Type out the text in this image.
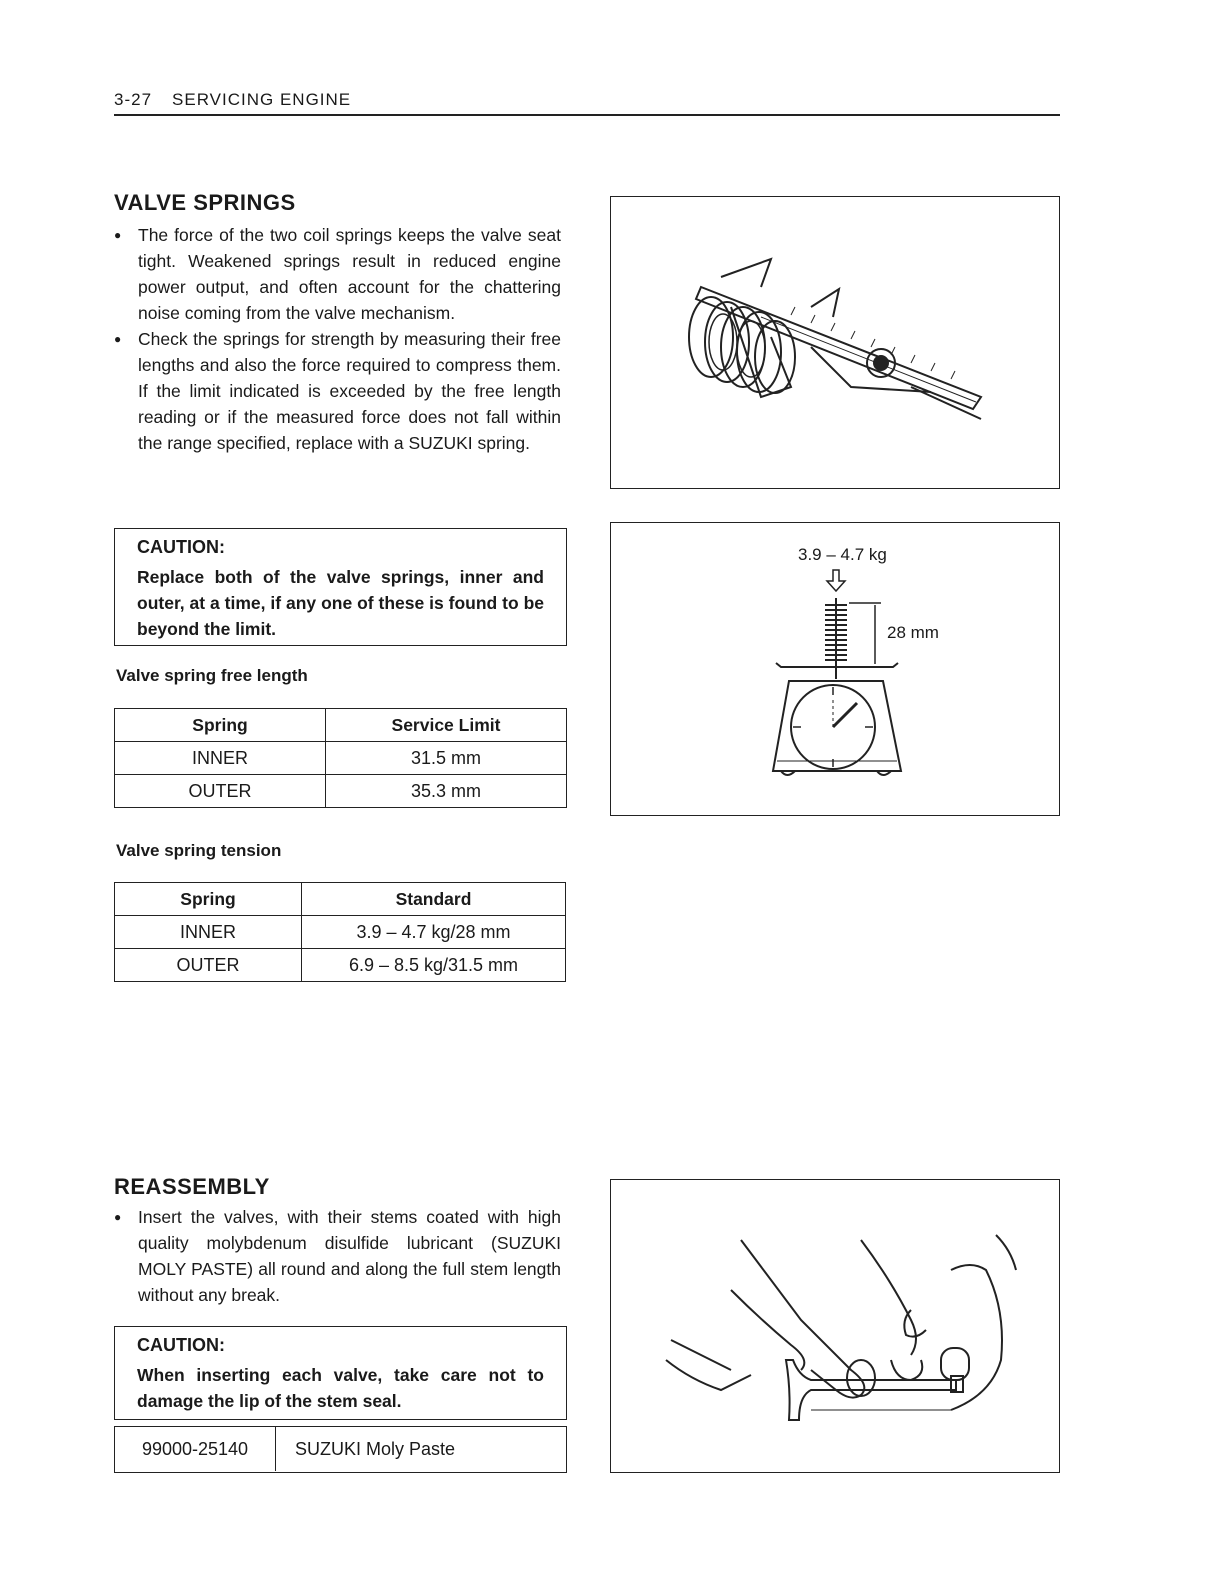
3-27 SERVICING ENGINE
VALVE SPRINGS
● The force of the two coil springs keeps the valve seat tight. Weakened springs result in reduced engine power output, and often account for the chattering noise coming from the valve mechanism.
● Check the springs for strength by measuring their free lengths and also the force required to compress them. If the limit indicated is exceeded by the free length reading or if the measured force does not fall within the range specified, replace with a SUZUKI spring.
CAUTION:
Replace both of the valve springs, inner and outer, at a time, if any one of these is found to be beyond the limit.
Valve spring free length
Spring	Service Limit
INNER	31.5 mm
OUTER	35.3 mm
Valve spring tension
Spring	Standard
INNER	3.9 – 4.7 kg/28 mm
OUTER	6.9 – 8.5 kg/31.5 mm
3.9 – 4.7 kg
28 mm
REASSEMBLY
● Insert the valves, with their stems coated with high quality molybdenum disulfide lubricant (SUZUKI MOLY PASTE) all round and along the full stem length without any break.
CAUTION:
When inserting each valve, take care not to damage the lip of the stem seal.
99000-25140	SUZUKI Moly Paste
